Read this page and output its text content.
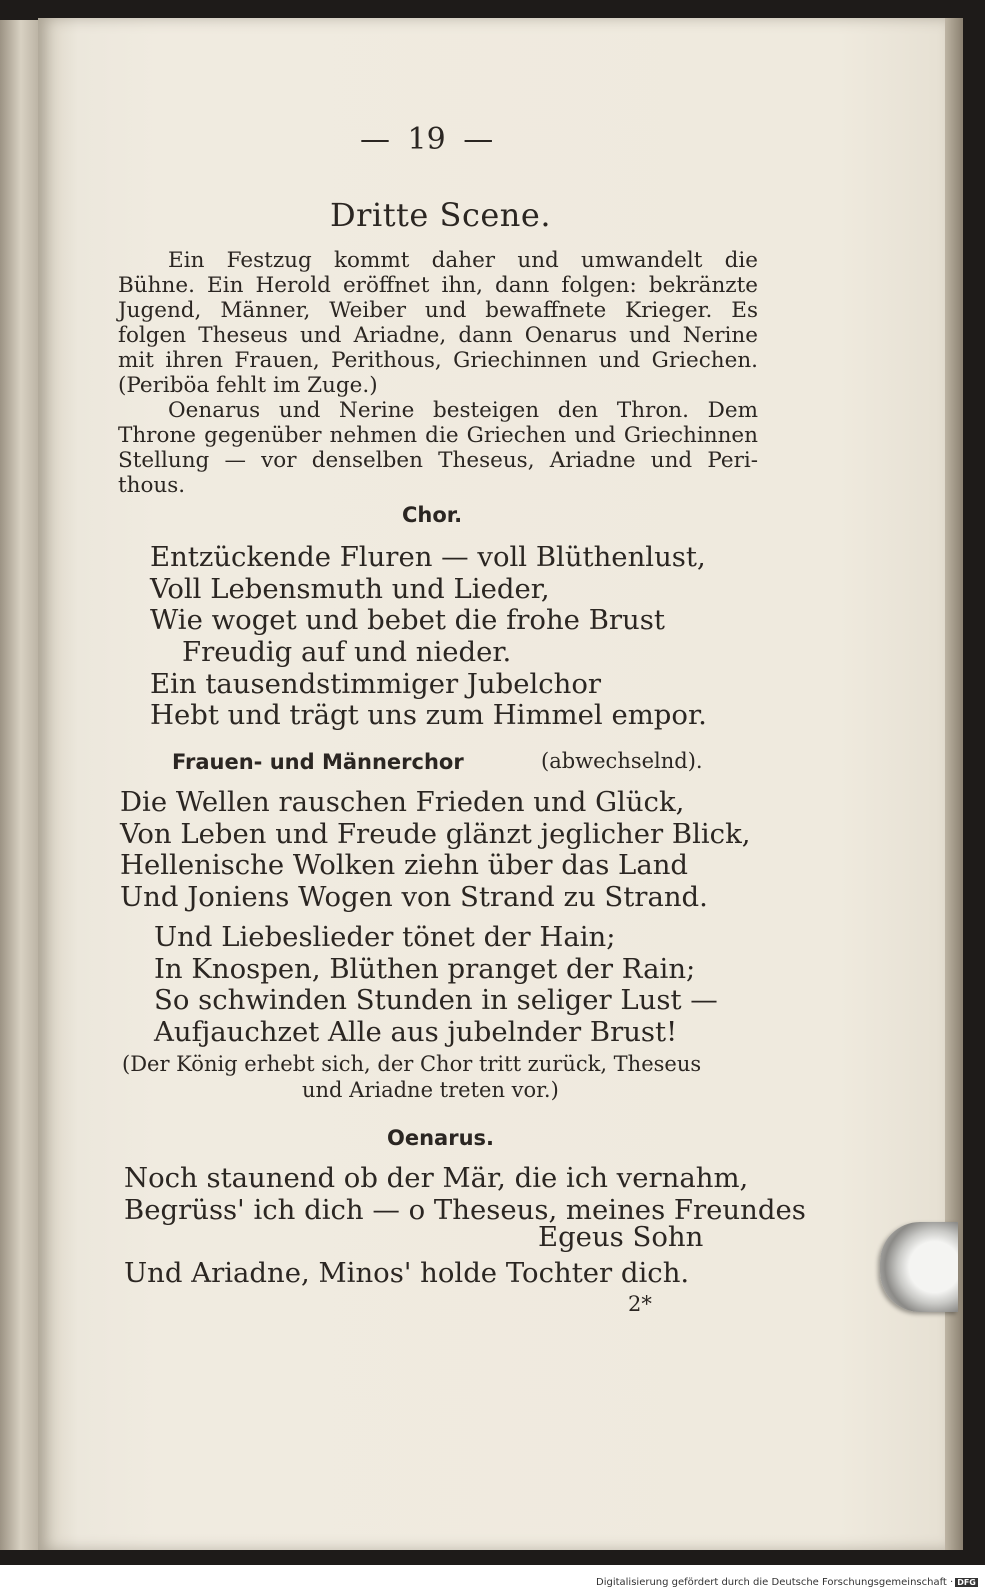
— 19 —
Dritte Scene.
Ein Festzug kommt daher und umwandelt die
Bühne. Ein Herold eröffnet ihn, dann folgen: bekränzte
Jugend, Männer, Weiber und bewaffnete Krieger. Es
folgen Theseus und Ariadne, dann Oenarus und Nerine
mit ihren Frauen, Perithous, Griechinnen und Griechen.
(Periböa fehlt im Zuge.)
Oenarus und Nerine besteigen den Thron. Dem
Throne gegenüber nehmen die Griechen und Griechinnen
Stellung — vor denselben Theseus, Ariadne und Peri-
thous.
Chor.
Entzückende Fluren — voll Blüthenlust,
Voll Lebensmuth und Lieder,
Wie woget und bebet die frohe Brust
Freudig auf und nieder.
Ein tausendstimmiger Jubelchor
Hebt und trägt uns zum Himmel empor.
Frauen- und Männerchor	(abwechselnd).
Die Wellen rauschen Frieden und Glück,
Von Leben und Freude glänzt jeglicher Blick,
Hellenische Wolken ziehn über das Land
Und Joniens Wogen von Strand zu Strand.
Und Liebeslieder tönet der Hain;
In Knospen, Blüthen pranget der Rain;
So schwinden Stunden in seliger Lust —
Aufjauchzet Alle aus jubelnder Brust!
(Der König erhebt sich, der Chor tritt zurück, Theseus
und Ariadne treten vor.)
Oenarus.
Noch staunend ob der Mär, die ich vernahm,
Begrüss' ich dich — o Theseus, meines Freundes
Egeus Sohn
Und Ariadne, Minos' holde Tochter dich.
2*
Digitalisierung gefördert durch die Deutsche Forschungsgemeinschaft · DFG
